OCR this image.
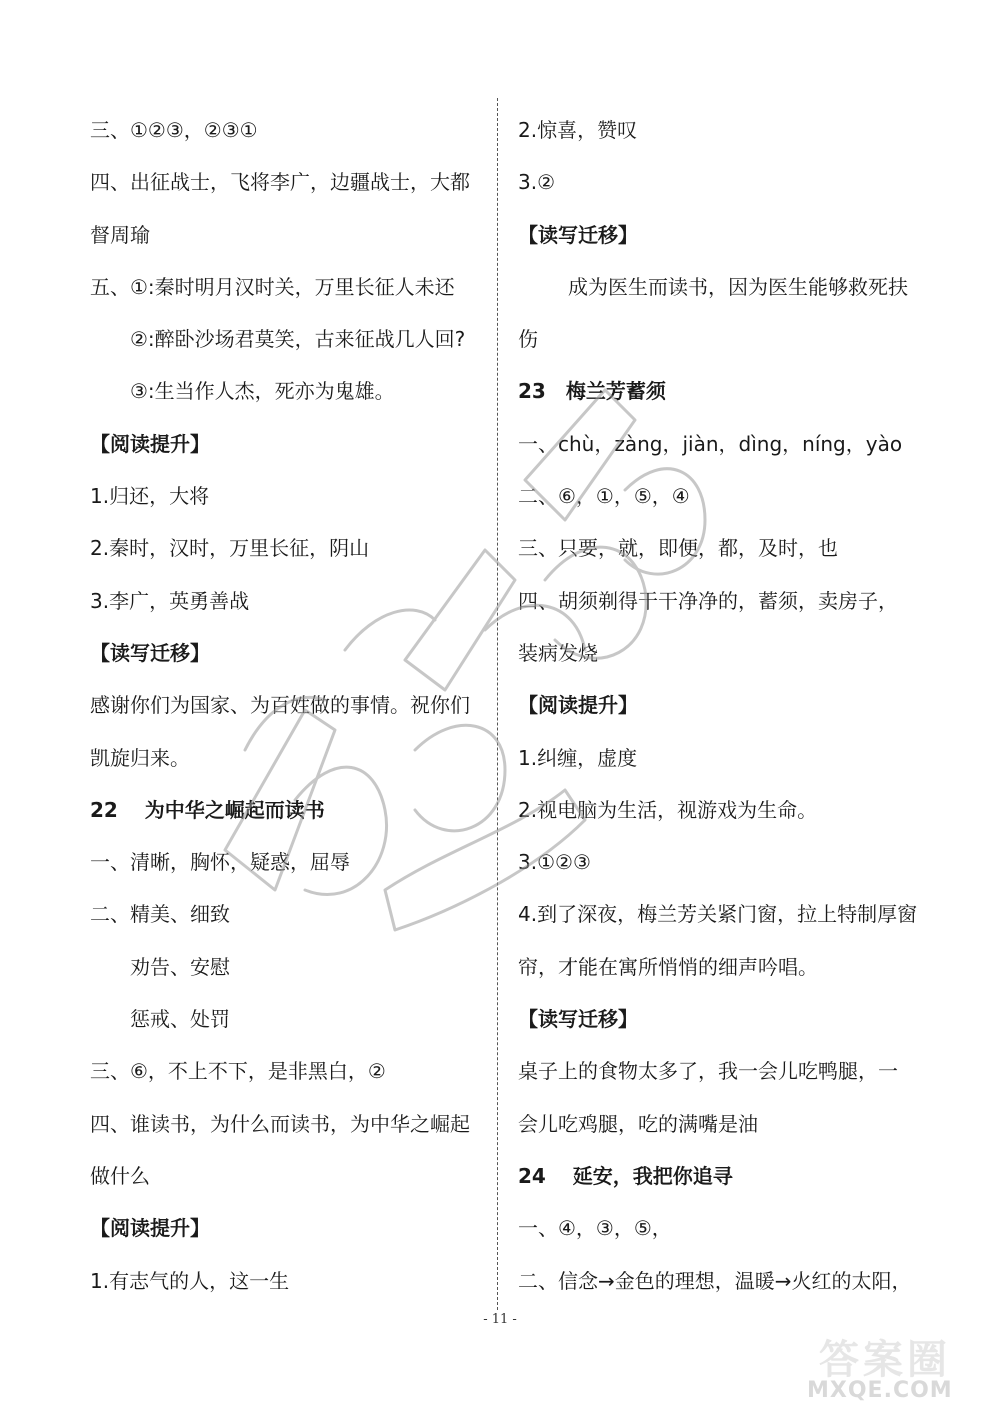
三、①②③，②③①
四、出征战士，飞将李广，边疆战士，大都
督周瑜
五、①:秦时明月汉时关，万里长征人未还
②:醉卧沙场君莫笑，古来征战几人回?
③:生当作人杰，死亦为鬼雄。
【阅读提升】
1.归还，大将
2.秦时，汉时，万里长征，阴山
3.李广，英勇善战
【读写迁移】
感谢你们为国家、为百姓做的事情。祝你们
凯旋归来。
22　 为中华之崛起而读书
一、清晰，胸怀，疑惑，屈辱
二、精美、细致
劝告、安慰
惩戒、处罚
三、⑥，不上不下，是非黑白，②
四、谁读书，为什么而读书，为中华之崛起
做什么
【阅读提升】
1.有志气的人，这一生
2.惊喜，赞叹
3.②
【读写迁移】
成为医生而读书，因为医生能够救死扶
伤
23　梅兰芳蓄须
一、chù，zàng，jiàn，dìng，níng，yào
二、⑥，①，⑤，④
三、只要，就，即便，都，及时，也
四、胡须剃得干干净净的，蓄须，卖房子，
装病发烧
【阅读提升】
1.纠缠，虚度
2.视电脑为生活，视游戏为生命。
3.①②③
4.到了深夜，梅兰芳关紧门窗，拉上特制厚窗
帘，才能在寓所悄悄的细声吟唱。
【读写迁移】
桌子上的食物太多了，我一会儿吃鸭腿，一
会儿吃鸡腿，吃的满嘴是油
24　 延安，我把你追寻
一、④，③，⑤，
二、信念→金色的理想，温暖→火红的太阳，
- 11 -
答案圈
MXQE.COM
